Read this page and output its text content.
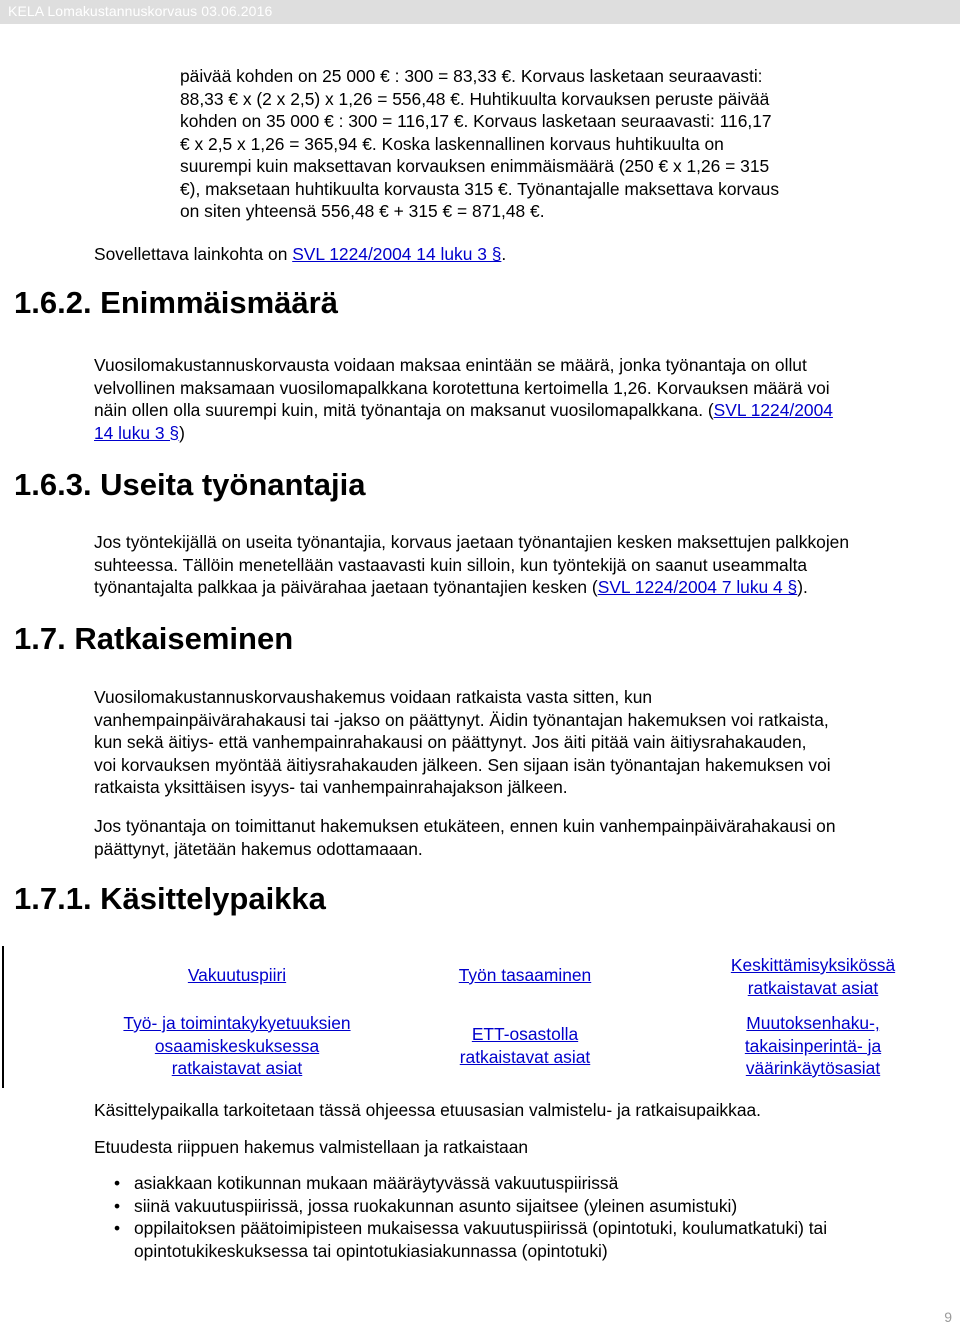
KELA Lomakustannuskorvaus 03.06.2016

päivää kohden on 25 000 € : 300 = 83,33 €. Korvaus lasketaan seuraavasti:

88,33 € x (2 x 2,5) x 1,26 = 556,48 €. Huhtikuulta korvauksen peruste päivää

kohden on 35 000 € : 300 = 116,17 €. Korvaus lasketaan seuraavasti: 116,17

€ x 2,5 x 1,26 = 365,94 €. Koska laskennallinen korvaus huhtikuulta on

suurempi kuin maksettavan korvauksen enimmäismäärä (250 € x 1,26 = 315

€), maksetaan huhtikuulta korvausta 315 €. Työnantajalle maksettava korvaus

on siten yhteensä 556,48 € + 315 € = 871,48 €.

Sovellettava lainkohta on SVL 1224/2004 14 luku 3 §.

1.6.2. Enimmäismäärä

Vuosilomakustannuskorvausta voidaan maksaa enintään se määrä, jonka työnantaja on ollut

velvollinen maksamaan vuosilomapalkkana korotettuna kertoimella 1,26. Korvauksen määrä voi

näin ollen olla suurempi kuin, mitä työnantaja on maksanut vuosilomapalkkana. (SVL 1224/2004

14 luku 3 §)

1.6.3. Useita työnantajia

Jos työntekijällä on useita työnantajia, korvaus jaetaan työnantajien kesken maksettujen palkkojen

suhteessa. Tällöin menetellään vastaavasti kuin silloin, kun työntekijä on saanut useammalta

työnantajalta palkkaa ja päivärahaa jaetaan työnantajien kesken (SVL 1224/2004 7 luku 4 §).

1.7. Ratkaiseminen

Vuosilomakustannuskorvaushakemus voidaan ratkaista vasta sitten, kun

vanhempainpäivärahakausi tai -jakso on päättynyt. Äidin työnantajan hakemuksen voi ratkaista,

kun sekä äitiys- että vanhempainrahakausi on päättynyt. Jos äiti pitää vain äitiysrahakauden,

voi korvauksen myöntää äitiysrahakauden jälkeen. Sen sijaan isän työnantajan hakemuksen voi

ratkaista yksittäisen isyys- tai vanhempainrahajakson jälkeen.

Jos työnantaja on toimittanut hakemuksen etukäteen, ennen kuin vanhempainpäivärahakausi on

päättynyt, jätetään hakemus odottamaaan.

1.7.1. Käsittelypaikka
Vakuutuspiiri	Työn tasaaminen	Keskittämisyksikössä
ratkaistavat asiat
Työ- ja toimintakykyetuuksien
osaamiskeskuksessa
ratkaistavat asiat
ETT-osastolla
ratkaistavat asiat
Muutoksenhaku-,
takaisinperintä- ja
väärinkäytösasiat

Käsittelypaikalla tarkoitetaan tässä ohjeessa etuusasian valmistelu- ja ratkaisupaikkaa.

Etuudesta riippuen hakemus valmistellaan ja ratkaistaan

• asiakkaan kotikunnan mukaan määräytyvässä vakuutuspiirissä
• siinä vakuutuspiirissä, jossa ruokakunnan asunto sijaitsee (yleinen asumistuki)
• oppilaitoksen päätoimipisteen mukaisessa vakuutuspiirissä (opintotuki, koulumatkatuki) tai
opintotukikeskuksessa tai opintotukiasiakunnassa (opintotuki)
9
